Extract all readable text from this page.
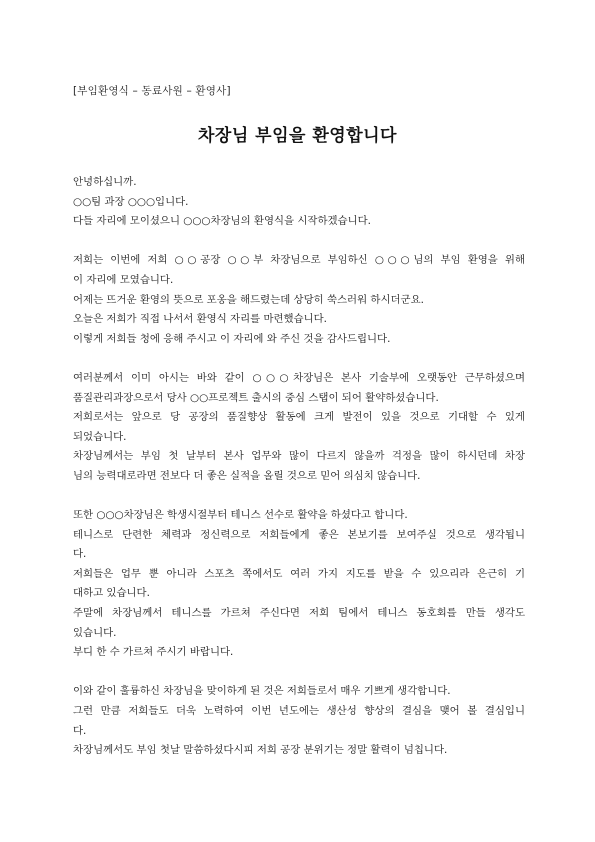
[부임환영식 – 동료사원 – 환영사]
차장님 부임을 환영합니다
안녕하십니까.
○○팀 과장 ○○○입니다.
다들 자리에 모이셨으니 ○○○차장님의 환영식을 시작하겠습니다.
저희는 이번에 저희 ○○공장 ○○부 차장님으로 부임하신 ○○○님의 부임 환영을 위해
이 자리에 모였습니다.
어제는 뜨거운 환영의 뜻으로 포옹을 해드렸는데 상당히 쑥스러워 하시더군요.
오늘은 저희가 직접 나서서 환영식 자리를 마련했습니다.
이렇게 저희들 청에 응해 주시고 이 자리에 와 주신 것을 감사드립니다.
여러분께서 이미 아시는 바와 같이 ○○○차장님은 본사 기술부에 오랫동안 근무하셨으며
품질관리과장으로서 당사 ○○프로젝트 출시의 중심 스탭이 되어 활약하셨습니다.
저희로서는 앞으로 당 공장의 품질향상 활동에 크게 발전이 있을 것으로 기대할 수 있게
되었습니다.
차장님께서는 부임 첫 날부터 본사 업무와 많이 다르지 않을까 걱정을 많이 하시던데 차장
님의 능력대로라면 전보다 더 좋은 실적을 올릴 것으로 믿어 의심치 않습니다.
또한 ○○○차장님은 학생시절부터 테니스 선수로 활약을 하셨다고 합니다.
테니스로 단련한 체력과 정신력으로 저희들에게 좋은 본보기를 보여주실 것으로 생각됩니
다.
저희들은 업무 뿐 아니라 스포츠 쪽에서도 여러 가지 지도를 받을 수 있으리라 은근히 기
대하고 있습니다.
주말에 차장님께서 테니스를 가르쳐 주신다면 저희 팀에서 테니스 동호회를 만들 생각도
있습니다.
부디 한 수 가르쳐 주시기 바랍니다.
이와 같이 훌륭하신 차장님을 맞이하게 된 것은 저희들로서 매우 기쁘게 생각합니다.
그런 만큼 저희들도 더욱 노력하여 이번 년도에는 생산성 향상의 결심을 맺어 볼 결심입니
다.
차장님께서도 부임 첫날 말씀하셨다시피 저희 공장 분위기는 정말 활력이 넘칩니다.
